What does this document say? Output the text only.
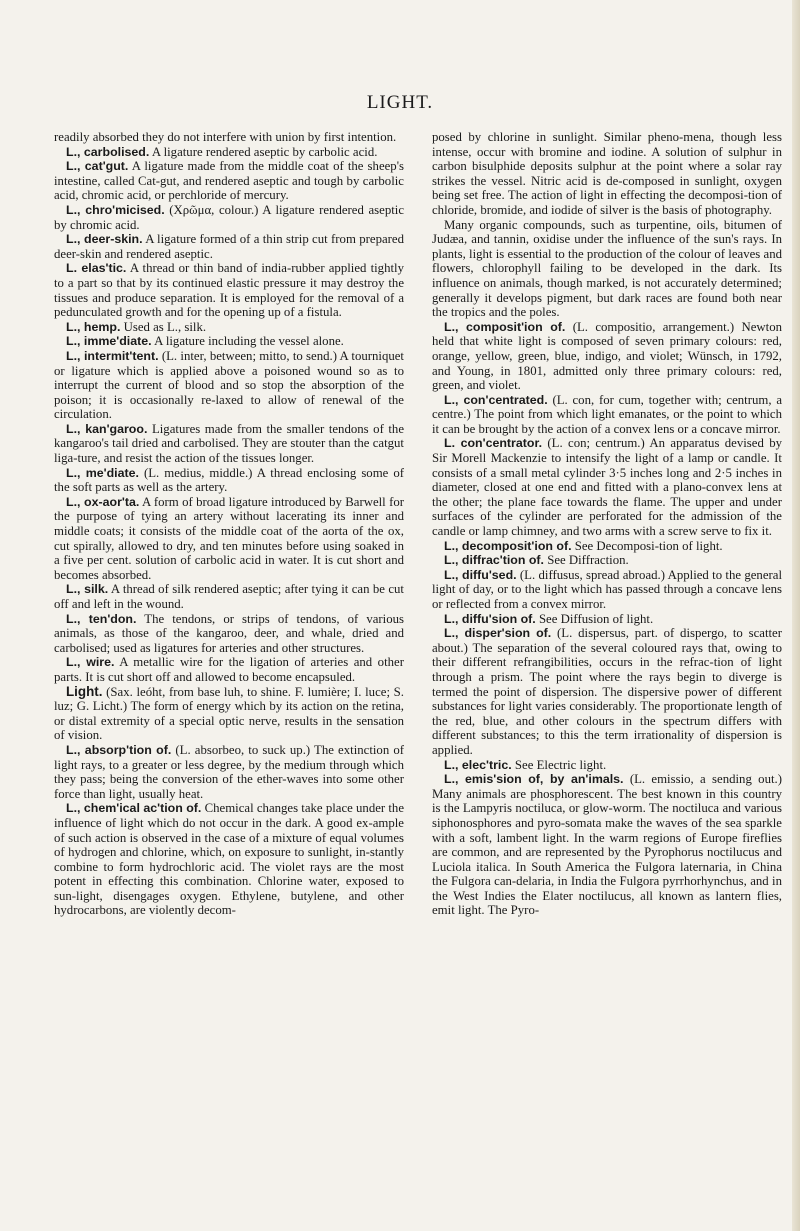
LIGHT.

readily absorbed they do not interfere with union by first intention.

L., carbolised. A ligature rendered aseptic by carbolic acid.

L., cat'gut. A ligature made from the middle coat of the sheep's intestine, called Cat-gut, and rendered aseptic and tough by carbolic acid, chromic acid, or perchloride of mercury.

L., chro'micised. (Χρῶμα, colour.) A ligature rendered aseptic by chromic acid.

L., deer-skin. A ligature formed of a thin strip cut from prepared deer-skin and rendered aseptic.

L. elas'tic. A thread or thin band of india-rubber applied tightly to a part so that by its continued elastic pressure it may destroy the tissues and produce separation. It is employed for the removal of a pedunculated growth and for the opening up of a fistula.

L., hemp. Used as L., silk.

L., imme'diate. A ligature including the vessel alone.

L., intermit'tent. (L. inter, between; mitto, to send.) A tourniquet or ligature which is applied above a poisoned wound so as to interrupt the current of blood and so stop the absorption of the poison; it is occasionally re-laxed to allow of renewal of the circulation.

L., kan'garoo. Ligatures made from the smaller tendons of the kangaroo's tail dried and carbolised. They are stouter than the catgut liga-ture, and resist the action of the tissues longer.

L., me'diate. (L. medius, middle.) A thread enclosing some of the soft parts as well as the artery.

L., ox-aor'ta. A form of broad ligature introduced by Barwell for the purpose of tying an artery without lacerating its inner and middle coats; it consists of the middle coat of the aorta of the ox, cut spirally, allowed to dry, and ten minutes before using soaked in a five per cent. solution of carbolic acid in water. It is cut short and becomes absorbed.

L., silk. A thread of silk rendered aseptic; after tying it can be cut off and left in the wound.

L., ten'don. The tendons, or strips of tendons, of various animals, as those of the kangaroo, deer, and whale, dried and carbolised; used as ligatures for arteries and other structures.

L., wire. A metallic wire for the ligation of arteries and other parts. It is cut short off and allowed to become encapsuled.

Light. (Sax. leóht, from base luh, to shine. F. lumière; I. luce; S. luz; G. Licht.) The form of energy which by its action on the retina, or distal extremity of a special optic nerve, results in the sensation of vision.

L., absorp'tion of. (L. absorbeo, to suck up.) The extinction of light rays, to a greater or less degree, by the medium through which they pass; being the conversion of the ether-waves into some other force than light, usually heat.

L., chem'ical ac'tion of. Chemical changes take place under the influence of light which do not occur in the dark. A good ex-ample of such action is observed in the case of a mixture of equal volumes of hydrogen and chlorine, which, on exposure to sunlight, in-stantly combine to form hydrochloric acid. The violet rays are the most potent in effecting this combination. Chlorine water, exposed to sun-light, disengages oxygen. Ethylene, butylene, and other hydrocarbons, are violently decom-

posed by chlorine in sunlight. Similar pheno-mena, though less intense, occur with bromine and iodine. A solution of sulphur in carbon bisulphide deposits sulphur at the point where a solar ray strikes the vessel. Nitric acid is de-composed in sunlight, oxygen being set free. The action of light in effecting the decomposi-tion of chloride, bromide, and iodide of silver is the basis of photography.

Many organic compounds, such as turpentine, oils, bitumen of Judæa, and tannin, oxidise under the influence of the sun's rays. In plants, light is essential to the production of the colour of leaves and flowers, chlorophyll failing to be developed in the dark. Its influence on animals, though marked, is not accurately determined; generally it develops pigment, but dark races are found both near the tropics and the poles.

L., composit'ion of. (L. compositio, arrangement.) Newton held that white light is composed of seven primary colours: red, orange, yellow, green, blue, indigo, and violet; Wünsch, in 1792, and Young, in 1801, admitted only three primary colours: red, green, and violet.

L., con'centrated. (L. con, for cum, together with; centrum, a centre.) The point from which light emanates, or the point to which it can be brought by the action of a convex lens or a concave mirror.

L. con'centrator. (L. con; centrum.) An apparatus devised by Sir Morell Mackenzie to intensify the light of a lamp or candle. It consists of a small metal cylinder 3·5 inches long and 2·5 inches in diameter, closed at one end and fitted with a plano-convex lens at the other; the plane face towards the flame. The upper and under surfaces of the cylinder are perforated for the admission of the candle or lamp chimney, and two arms with a screw serve to fix it.

L., decomposit'ion of. See Decomposi-tion of light.

L., diffrac'tion of. See Diffraction.

L., diffu'sed. (L. diffusus, spread abroad.) Applied to the general light of day, or to the light which has passed through a concave lens or reflected from a convex mirror.

L., diffu'sion of. See Diffusion of light.

L., disper'sion of. (L. dispersus, part. of dispergo, to scatter about.) The separation of the several coloured rays that, owing to their different refrangibilities, occurs in the refrac-tion of light through a prism. The point where the rays begin to diverge is termed the point of dispersion. The dispersive power of different substances for light varies considerably. The proportionate length of the red, blue, and other colours in the spectrum differs with different substances; to this the term irrationality of dispersion is applied.

L., elec'tric. See Electric light.

L., emis'sion of, by an'imals. (L. emissio, a sending out.) Many animals are phosphorescent. The best known in this country is the Lampyris noctiluca, or glow-worm. The noctiluca and various siphonosphores and pyro-somata make the waves of the sea sparkle with a soft, lambent light. In the warm regions of Europe fireflies are common, and are represented by the Pyrophorus noctilucus and Luciola italica. In South America the Fulgora laternaria, in China the Fulgora can-delaria, in India the Fulgora pyrrhorhynchus, and in the West Indies the Elater noctilucus, all known as lantern flies, emit light. The Pyro-
